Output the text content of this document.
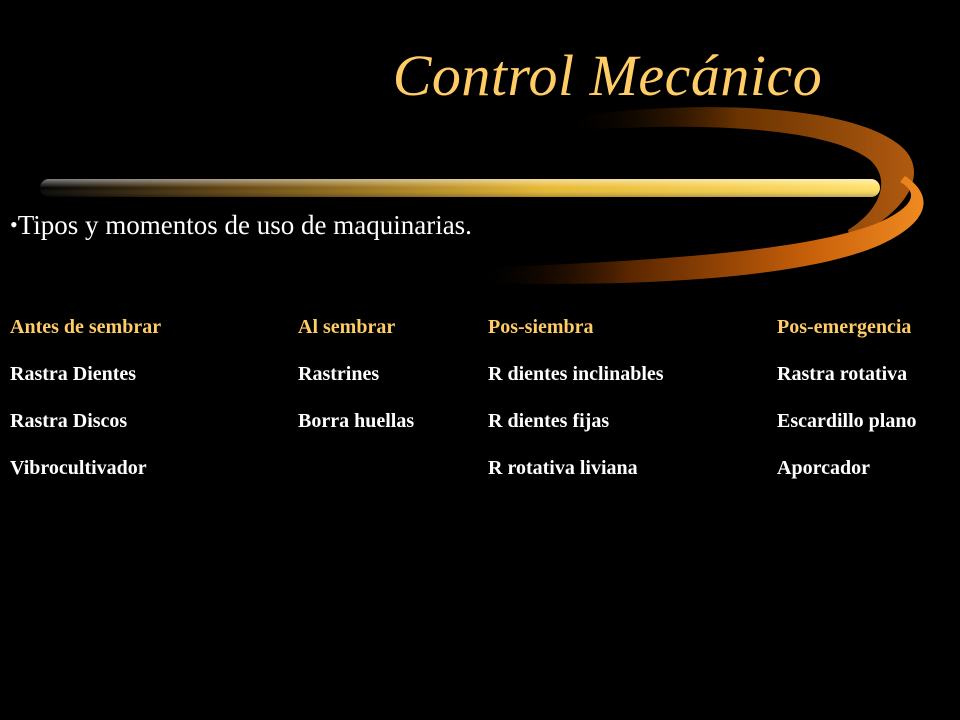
Control Mecánico
•Tipos y momentos de uso de maquinarias.
Antes de sembrar
Rastra Dientes
Rastra Discos
Vibrocultivador
Al sembrar
Rastrines
Borra huellas
Pos-siembra
R dientes inclinables
R dientes fijas
R rotativa liviana
Pos-emergencia
Rastra rotativa
Escardillo plano
Aporcador
